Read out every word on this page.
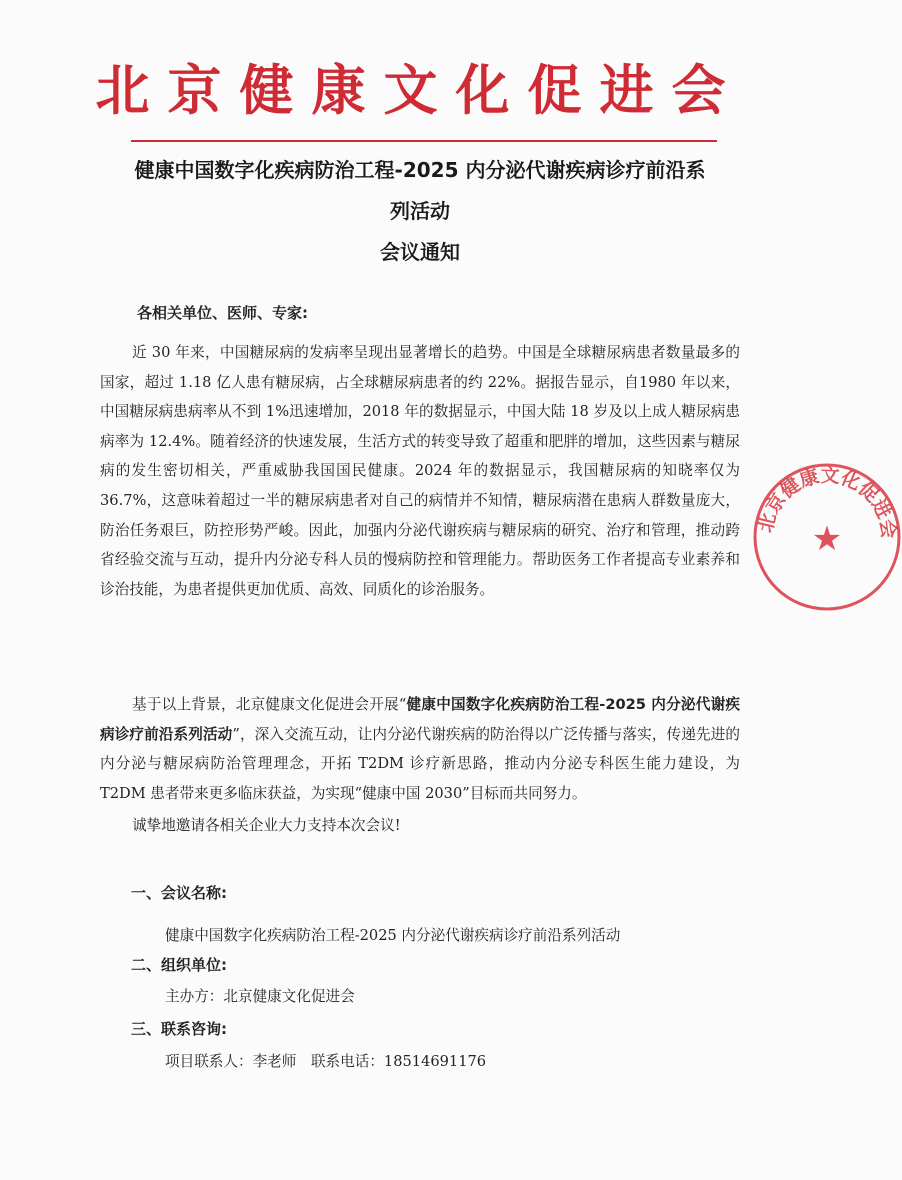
北京健康文化促进会
健康中国数字化疾病防治工程-2025 内分泌代谢疾病诊疗前沿系
列活动
会议通知
各相关单位、医师、专家:

近 30 年来，中国糖尿病的发病率呈现出显著增长的趋势。中国是全球糖尿病患者数量最多的国家，超过 1.18 亿人患有糖尿病，占全球糖尿病患者的约 22%。据报告显示，自1980 年以来，中国糖尿病患病率从不到 1%迅速增加，2018 年的数据显示，中国大陆 18 岁及以上成人糖尿病患病率为 12.4%。随着经济的快速发展，生活方式的转变导致了超重和肥胖的增加，这些因素与糖尿病的发生密切相关，严重威胁我国国民健康。2024 年的数据显示，我国糖尿病的知晓率仅为 36.7%，这意味着超过一半的糖尿病患者对自己的病情并不知情，糖尿病潜在患病人群数量庞大，防治任务艰巨，防控形势严峻。因此，加强内分泌代谢疾病与糖尿病的研究、治疗和管理，推动跨省经验交流与互动，提升内分泌专科人员的慢病防控和管理能力。帮助医务工作者提高专业素养和诊治技能，为患者提供更加优质、高效、同质化的诊治服务。

基于以上背景，北京健康文化促进会开展“健康中国数字化疾病防治工程-2025 内分泌代谢疾病诊疗前沿系列活动”，深入交流互动，让内分泌代谢疾病的防治得以广泛传播与落实，传递先进的内分泌与糖尿病防治管理理念，开拓 T2DM 诊疗新思路，推动内分泌专科医生能力建设，为 T2DM 患者带来更多临床获益，为实现“健康中国 2030”目标而共同努力。

诚挚地邀请各相关企业大力支持本次会议!

一、会议名称:
健康中国数字化疾病防治工程-2025 内分泌代谢疾病诊疗前沿系列活动
二、组织单位:
主办方：北京健康文化促进会
三、联系咨询:
项目联系人：李老师　联系电话：18514691176
北京健康文化促进会
★
